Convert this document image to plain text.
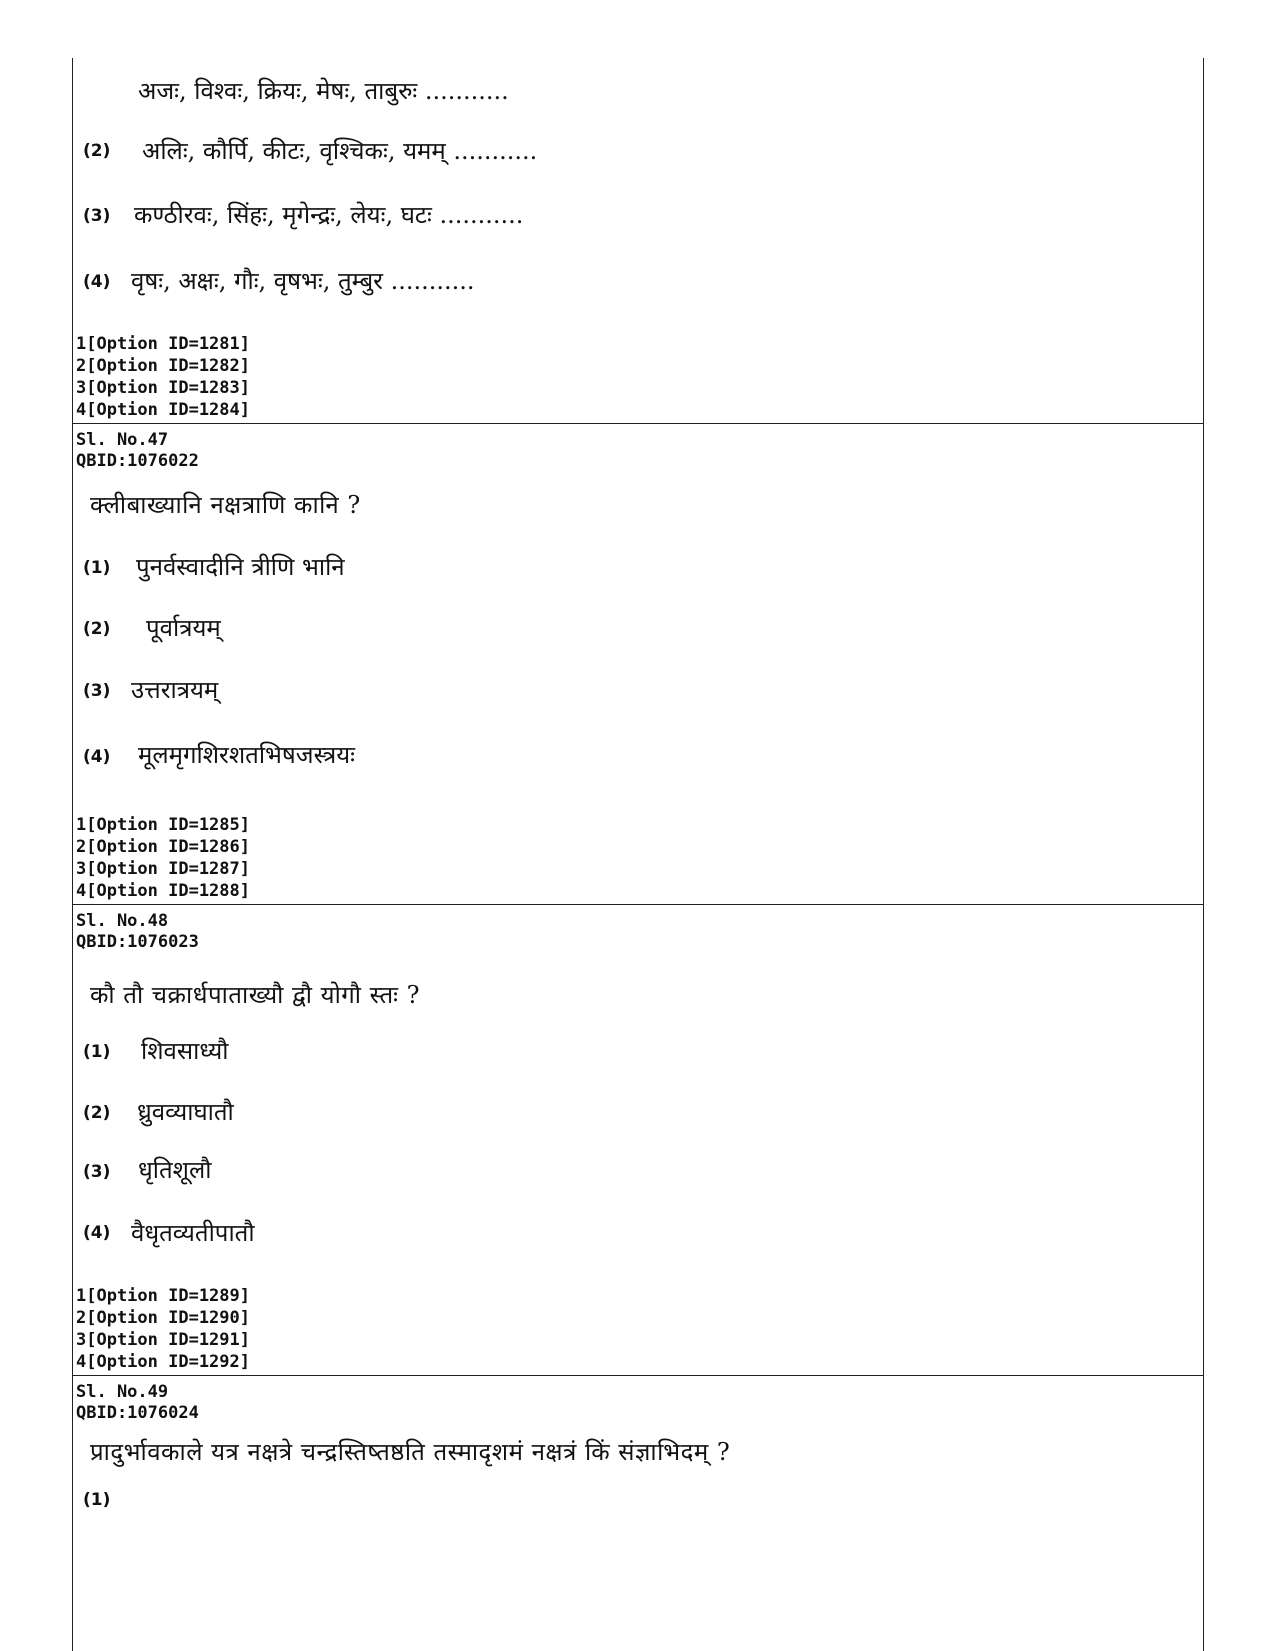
अजः, विश्वः, क्रियः, मेषः, ताबुरुः ...........
(2) अलिः, कौर्पि, कीटः, वृश्चिकः, यमम् ...........
(3) कण्ठीरवः, सिंहः, मृगेन्द्रः, लेयः, घटः ...........
(4) वृषः, अक्षः, गौः, वृषभः, तुम्बुर ...........
1[Option ID=1281]
2[Option ID=1282]
3[Option ID=1283]
4[Option ID=1284]
Sl. No.47
QBID:1076022
क्लीबाख्यानि नक्षत्राणि कानि ?
(1) पुनर्वस्वादीनि त्रीणि भानि
(2) पूर्वात्रयम्
(3) उत्तरात्रयम्
(4) मूलमृगशिरशतभिषजस्त्रयः
1[Option ID=1285]
2[Option ID=1286]
3[Option ID=1287]
4[Option ID=1288]
Sl. No.48
QBID:1076023
कौ तौ चक्रार्धपाताख्यौ द्वौ योगौ स्तः ?
(1) शिवसाध्यौ
(2) ध्रुवव्याघातौ
(3) धृतिशूलौ
(4) वैधृतव्यतीपातौ
1[Option ID=1289]
2[Option ID=1290]
3[Option ID=1291]
4[Option ID=1292]
Sl. No.49
QBID:1076024
प्रादुर्भावकाले यत्र नक्षत्रे चन्द्रस्तिष्तष्ठति तस्मादृशमं नक्षत्रं किं संज्ञाभिदम् ?
(1)
